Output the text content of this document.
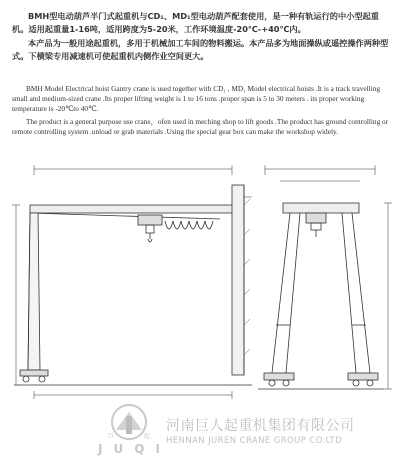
BMH型电动葫芦半门式起重机与CD₁、MD₁型电动葫芦配套使用，是一种有轨运行的中小型起重机。适用起重量1-16吨，适用跨度为5-20米，工作环境温度-20℃-+40℃内。

本产品为一般用途起重机，多用于机械加工车间的物料搬运。本产品多为地面操纵或遥控操作两种型式。下横梁专用减速机可使起重机内侧作业空间更大。

BMH Model Electrical hoist Gantry crane is used together with CD₁ , MD₁ Model electrical hoists .It is a track travelling small and medium-sized crane .Its proper lifting weight is 1 to 16 tons .proper span is 5 to 30 meters . its proper working temperature is -20℃to 40℃.

The product is a general purpose use crane，ofen used in meching shop to lift goods .The product has ground controlling or remote controlling system .unload or grab materials .Using the special gear box can make the workshop widely.

巨	起
J U Q I
河南巨人起重机集团有限公司
HENNAN JUREN CRANE GROUP CO.LTD
